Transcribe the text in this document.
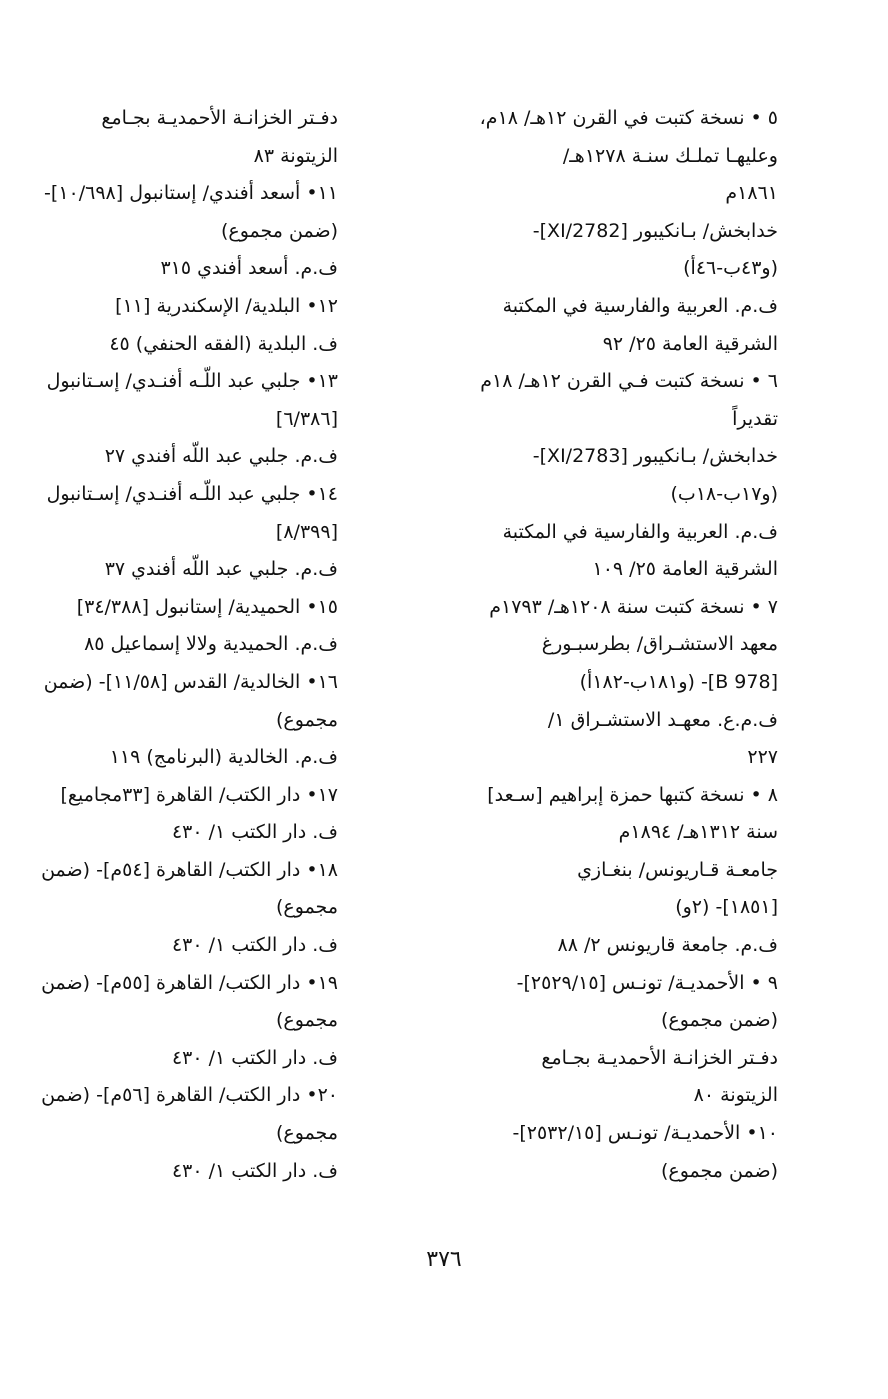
٥ • نسخة كتبت في القرن ١٢هـ/ ١٨م،
وعليهـا تملـك سنـة ١٢٧٨هـ/
١٨٦١م
خدابخش/ بـانكيبور [2782/XI]-
(و٤٣ب-٤٦أ)
ف.م. العربية والفارسية في المكتبة
الشرقية العامة ٢٥/ ٩٢
٦ • نسخة كتبت فـي القرن ١٢هـ/ ١٨م
تقديراً
خدابخش/ بـانكيبور [2783/XI]-
(و١٧ب-١٨ب)
ف.م. العربية والفارسية في المكتبة
الشرقية العامة ٢٥/ ١٠٩
٧ • نسخة كتبت سنة ١٢٠٨هـ/ ١٧٩٣م
معهد الاستشـراق/ بطرسبـورغ
[B 978]- (و١٨١ب-١٨٢أ)
ف.م.ع. معهـد الاستشـراق ١/
٢٢٧
٨ • نسخة كتبها حمزة إبراهيم [سـعد]
سنة ١٣١٢هـ/ ١٨٩٤م
جامعـة قـاريونس/ بنغـازي
[١٨٥١]- (٢و)
ف.م. جامعة قاريونس ٢/ ٨٨
٩ • الأحمديـة/ تونـس [٢٥٢٩/١٥]-
(ضمن مجموع)
دفـتر الخزانـة الأحمديـة بجـامع
الزيتونة ٨٠
١٠• الأحمديـة/ تونـس [٢٥٣٢/١٥]-
(ضمن مجموع)
دفـتر الخزانـة الأحمديـة بجـامع
الزيتونة ٨٣
١١• أسعد أفندي/ إستانبول [١٠/٦٩٨]-
(ضمن مجموع)
ف.م. أسعد أفندي ٣١٥
١٢• البلدية/ الإسكندرية [١١]
ف. البلدية (الفقه الحنفي) ٤٥
١٣• جلبي عبد اللّـه أفنـدي/ إسـتانبول
[٦/٣٨٦]
ف.م. جلبي عبد اللّه أفندي ٢٧
١٤• جلبي عبد اللّـه أفنـدي/ إسـتانبول
[٨/٣٩٩]
ف.م. جلبي عبد اللّه أفندي ٣٧
١٥• الحميدية/ إستانبول [٣٤/٣٨٨]
ف.م. الحميدية ولالا إسماعيل ٨٥
١٦• الخالدية/ القدس [١١/٥٨]- (ضمن
مجموع)
ف.م. الخالدية (البرنامج) ١١٩
١٧• دار الكتب/ القاهرة [٣٣مجاميع]
ف. دار الكتب ١/ ٤٣٠
١٨• دار الكتب/ القاهرة [٥٤م]- (ضمن
مجموع)
ف. دار الكتب ١/ ٤٣٠
١٩• دار الكتب/ القاهرة [٥٥م]- (ضمن
مجموع)
ف. دار الكتب ١/ ٤٣٠
٢٠• دار الكتب/ القاهرة [٥٦م]- (ضمن
مجموع)
ف. دار الكتب ١/ ٤٣٠
٣٧٦
